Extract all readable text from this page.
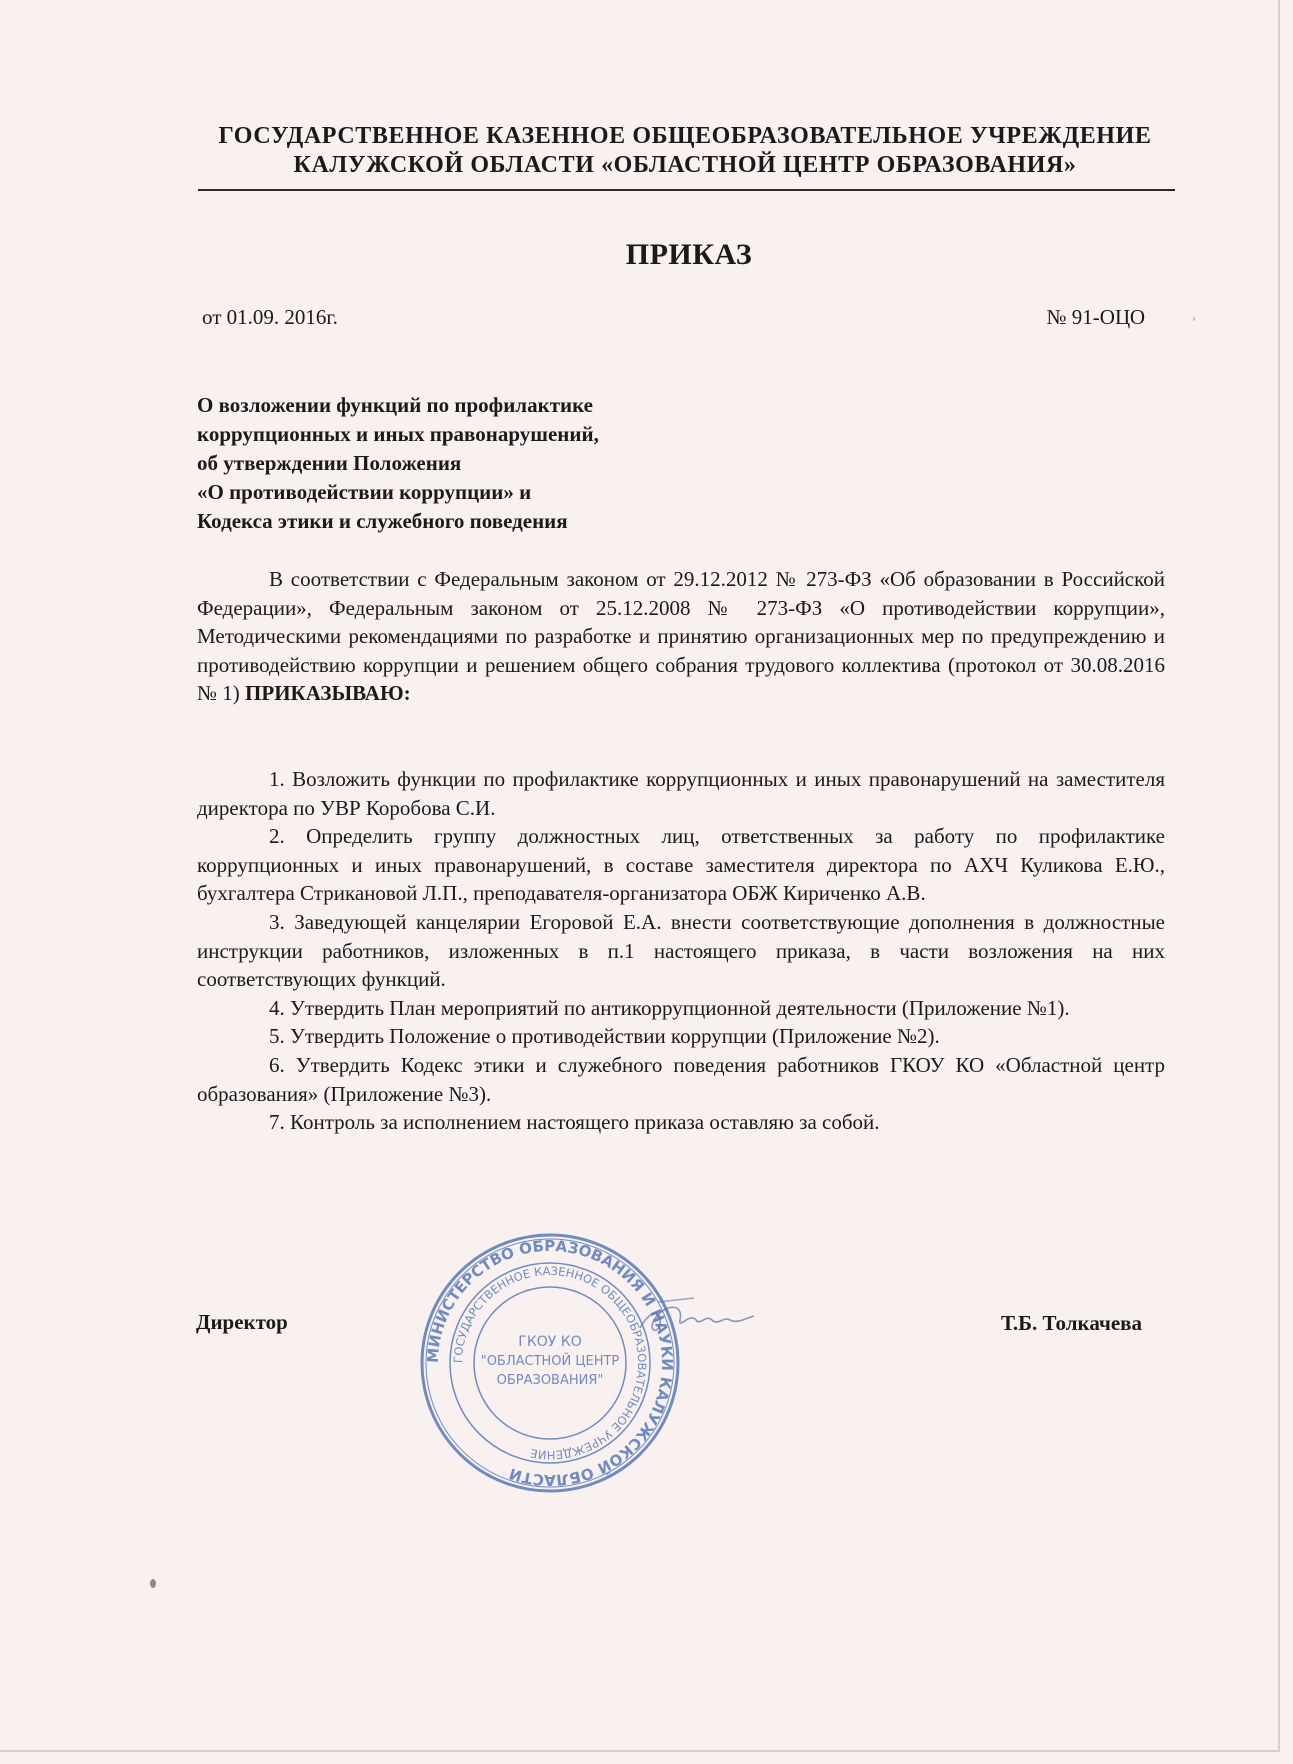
ГОСУДАРСТВЕННОЕ КАЗЕННОЕ ОБЩЕОБРАЗОВАТЕЛЬНОЕ УЧРЕЖДЕНИЕ
КАЛУЖСКОЙ ОБЛАСТИ «ОБЛАСТНОЙ ЦЕНТР ОБРАЗОВАНИЯ»
ПРИКАЗ
от 01.09. 2016г.	№ 91-ОЦО
О возложении функций по профилактике
коррупционных и иных правонарушений,
об утверждении Положения
«О противодействии коррупции» и
Кодекса этики и служебного поведения

В соответствии с Федеральным законом от 29.12.2012 № 273-ФЗ «Об образовании в Российской Федерации», Федеральным законом от 25.12.2008 № 273-ФЗ «О противодействии коррупции», Методическими рекомендациями по разработке и принятию организационных мер по предупреждению и противодействию коррупции и решением общего собрания трудового коллектива (протокол от 30.08.2016 № 1) ПРИКАЗЫВАЮ:

1. Возложить функции по профилактике коррупционных и иных правонарушений на заместителя директора по УВР Коробова С.И.

2. Определить группу должностных лиц, ответственных за работу по профилактике коррупционных и иных правонарушений, в составе заместителя директора по АХЧ Куликова Е.Ю., бухгалтера Стрикановой Л.П., преподавателя-организатора ОБЖ Кириченко А.В.

3. Заведующей канцелярии Егоровой Е.А. внести соответствующие дополнения в должностные инструкции работников, изложенных в п.1 настоящего приказа, в части возложения на них соответствующих функций.

4. Утвердить План мероприятий по антикоррупционной деятельности (Приложение №1).

5. Утвердить Положение о противодействии коррупции (Приложение №2).

6. Утвердить Кодекс этики и служебного поведения работников ГКОУ КО «Областной центр образования» (Приложение №3).

7. Контроль за исполнением настоящего приказа оставляю за собой.

Директор	Т.Б. Толкачева
МИНИСТЕРСТВО ОБРАЗОВАНИЯ И НАУКИ КАЛУЖСКОЙ ОБЛАСТИ
ГОСУДАРСТВЕННОЕ КАЗЕННОЕ ОБЩЕОБРАЗОВАТЕЛЬНОЕ УЧРЕЖДЕНИЕ
ГКОУ КО
"ОБЛАСТНОЙ ЦЕНТР
ОБРАЗОВАНИЯ"
